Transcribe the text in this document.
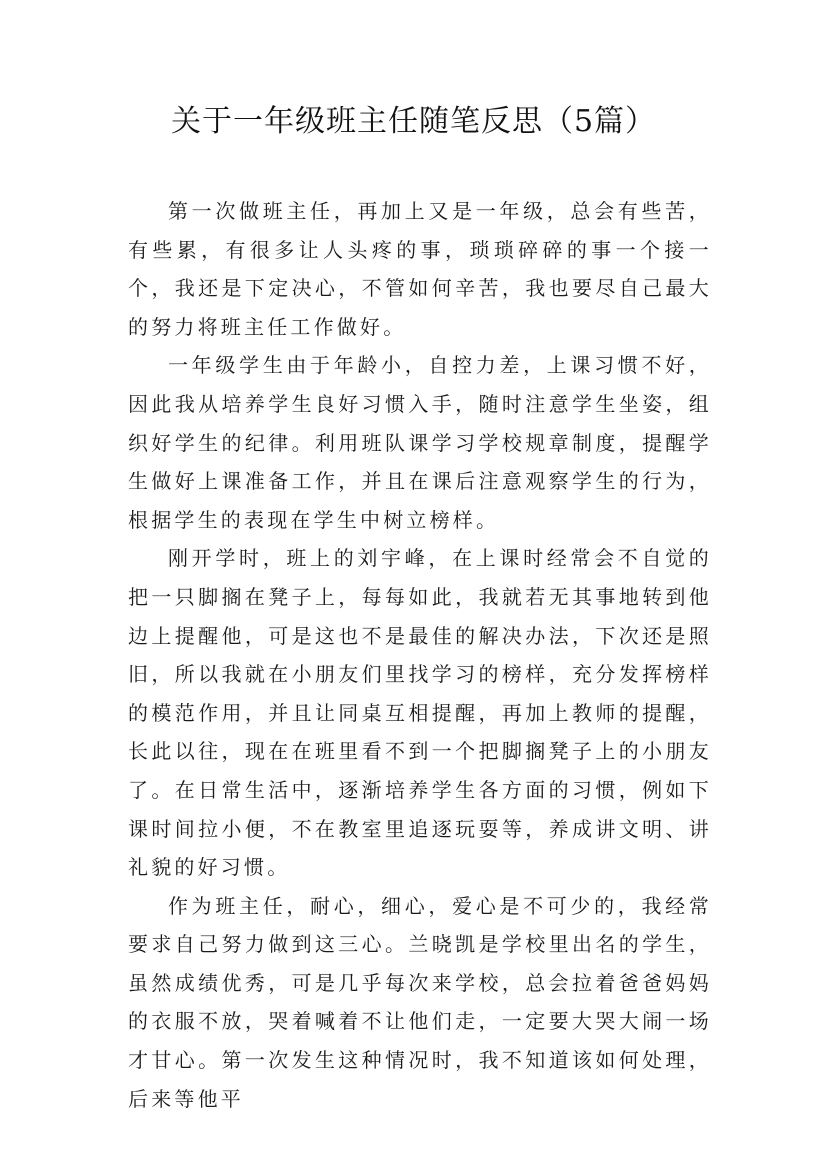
关于一年级班主任随笔反思（5篇）

第一次做班主任，再加上又是一年级，总会有些苦，有些累，有很多让人头疼的事，琐琐碎碎的事一个接一个，我还是下定决心，不管如何辛苦，我也要尽自己最大的努力将班主任工作做好。

一年级学生由于年龄小，自控力差，上课习惯不好，因此我从培养学生良好习惯入手，随时注意学生坐姿，组织好学生的纪律。利用班队课学习学校规章制度，提醒学生做好上课准备工作，并且在课后注意观察学生的行为，根据学生的表现在学生中树立榜样。

刚开学时，班上的刘宇峰，在上课时经常会不自觉的把一只脚搁在凳子上，每每如此，我就若无其事地转到他边上提醒他，可是这也不是最佳的解决办法，下次还是照旧，所以我就在小朋友们里找学习的榜样，充分发挥榜样的模范作用，并且让同桌互相提醒，再加上教师的提醒，长此以往，现在在班里看不到一个把脚搁凳子上的小朋友了。在日常生活中，逐渐培养学生各方面的习惯，例如下课时间拉小便，不在教室里追逐玩耍等，养成讲文明、讲礼貌的好习惯。

作为班主任，耐心，细心，爱心是不可少的，我经常要求自己努力做到这三心。兰晓凯是学校里出名的学生，虽然成绩优秀，可是几乎每次来学校，总会拉着爸爸妈妈的衣服不放，哭着喊着不让他们走，一定要大哭大闹一场才甘心。第一次发生这种情况时，我不知道该如何处理，后来等他平
